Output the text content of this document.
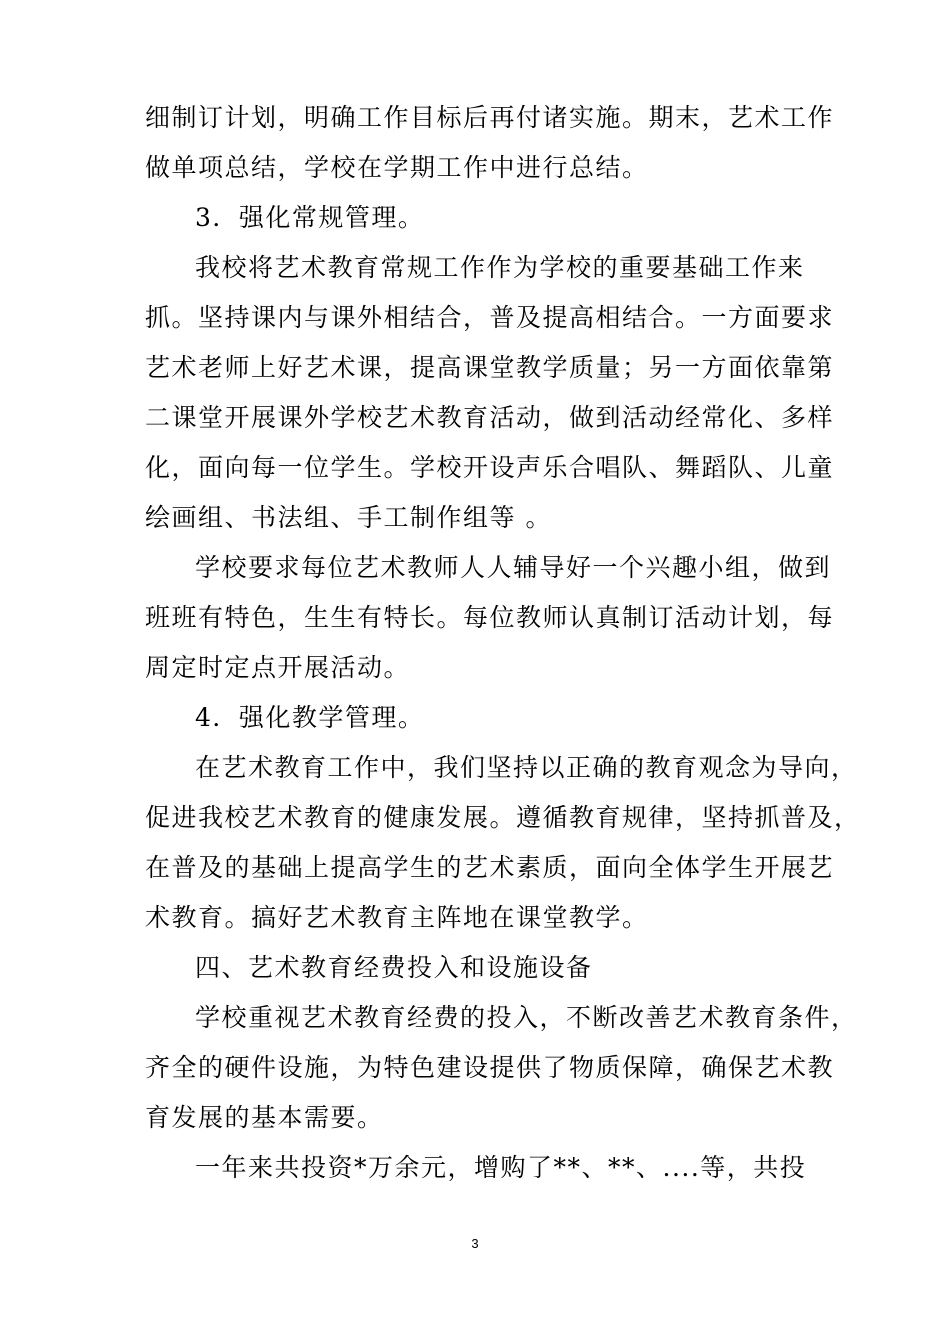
细制订计划，明确工作目标后再付诸实施。期末，艺术工作
做单项总结，学校在学期工作中进行总结。
3．强化常规管理。
我校将艺术教育常规工作作为学校的重要基础工作来
抓。坚持课内与课外相结合，普及提高相结合。一方面要求
艺术老师上好艺术课，提高课堂教学质量；另一方面依靠第
二课堂开展课外学校艺术教育活动，做到活动经常化、多样
化，面向每一位学生。学校开设声乐合唱队、舞蹈队、儿童
绘画组、书法组、手工制作组等 。
学校要求每位艺术教师人人辅导好一个兴趣小组，做到
班班有特色，生生有特长。每位教师认真制订活动计划，每
周定时定点开展活动。
4．强化教学管理。
在艺术教育工作中，我们坚持以正确的教育观念为导向，
促进我校艺术教育的健康发展。遵循教育规律，坚持抓普及，
在普及的基础上提高学生的艺术素质，面向全体学生开展艺
术教育。搞好艺术教育主阵地在课堂教学。
四、艺术教育经费投入和设施设备
学校重视艺术教育经费的投入，不断改善艺术教育条件，
齐全的硬件设施，为特色建设提供了物质保障，确保艺术教
育发展的基本需要。
一年来共投资*万余元，增购了**、**、....等，共投
3
